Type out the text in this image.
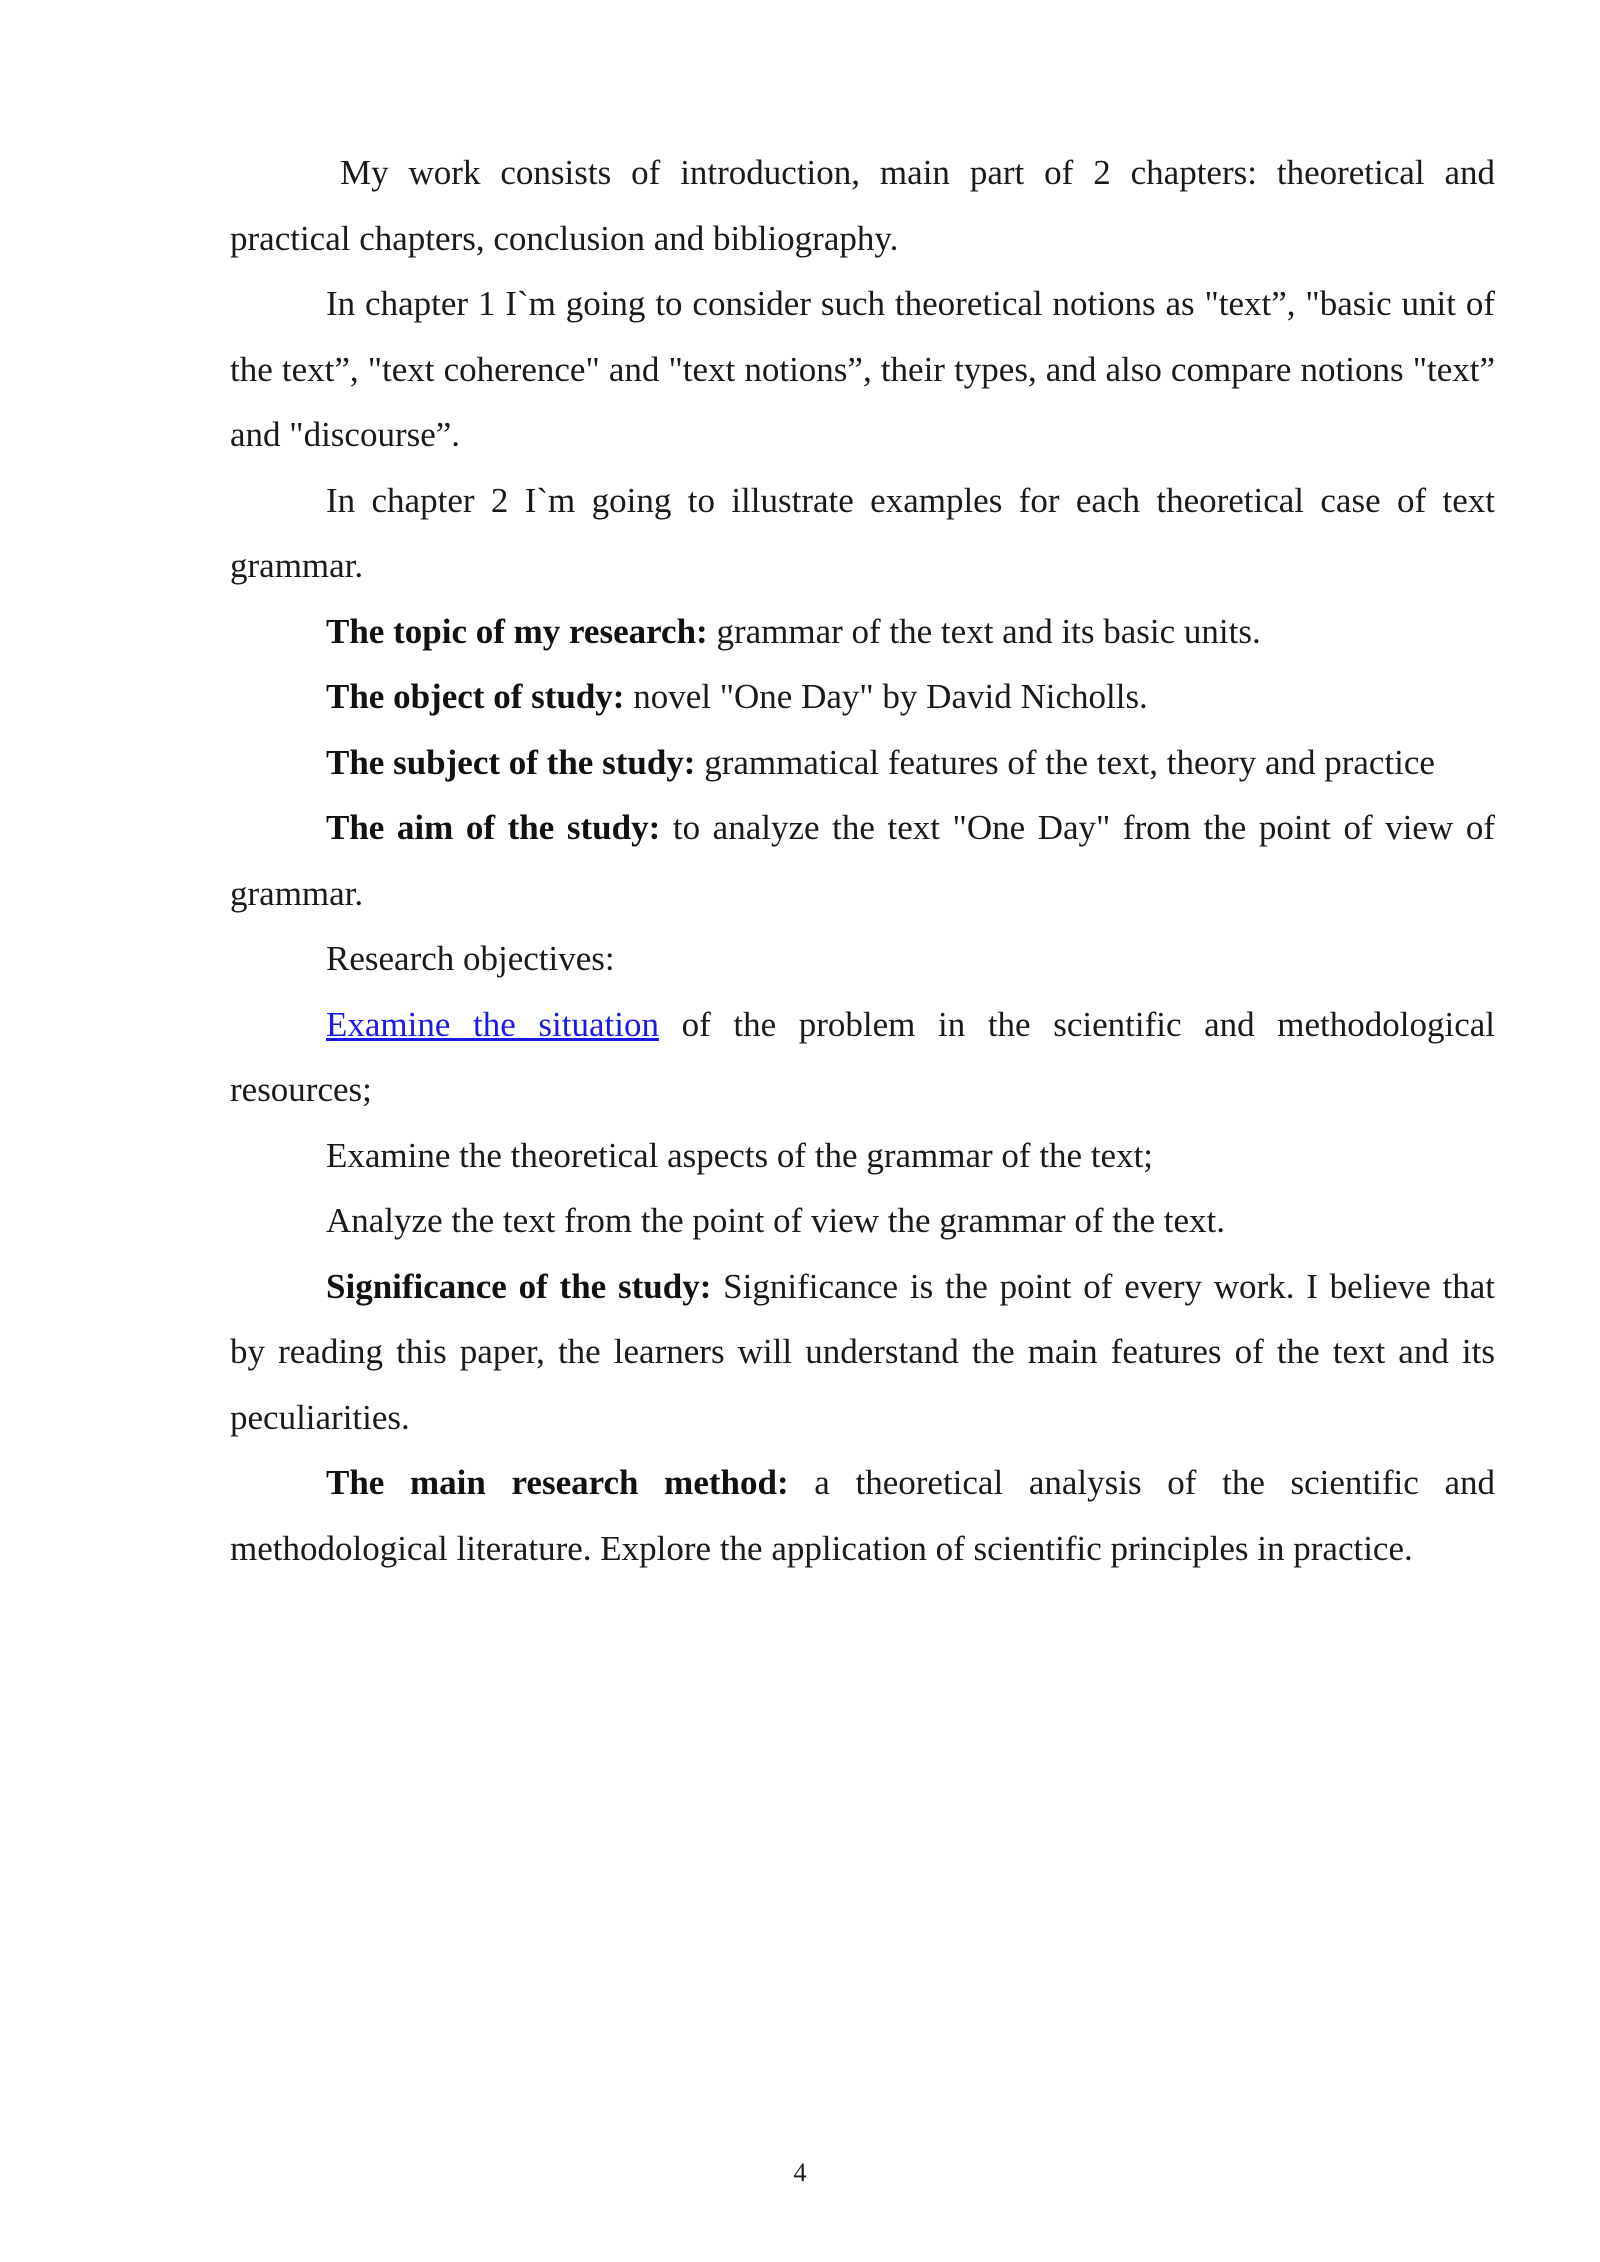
My work consists of introduction, main part of 2 chapters: theoretical and practical chapters, conclusion and bibliography.

In chapter 1 I`m going to consider such theoretical notions as "text”, "basic unit of the text”, "text coherence" and "text notions”, their types, and also compare notions "text” and "discourse”.

In chapter 2 I`m going to illustrate examples for each theoretical case of text grammar.

The topic of my research: grammar of the text and its basic units.

The object of study: novel "One Day" by David Nicholls.

The subject of the study: grammatical features of the text, theory and practice

The aim of the study: to analyze the text "One Day" from the point of view of grammar.

Research objectives:

Examine the situation of the problem in the scientific and methodological resources;

Examine the theoretical aspects of the grammar of the text;

Analyze the text from the point of view the grammar of the text.

Significance of the study: Significance is the point of every work. I believe that by reading this paper, the learners will understand the main features of the text and its peculiarities.

The main research method: a theoretical analysis of the scientific and methodological literature. Explore the application of scientific principles in practice.

4
